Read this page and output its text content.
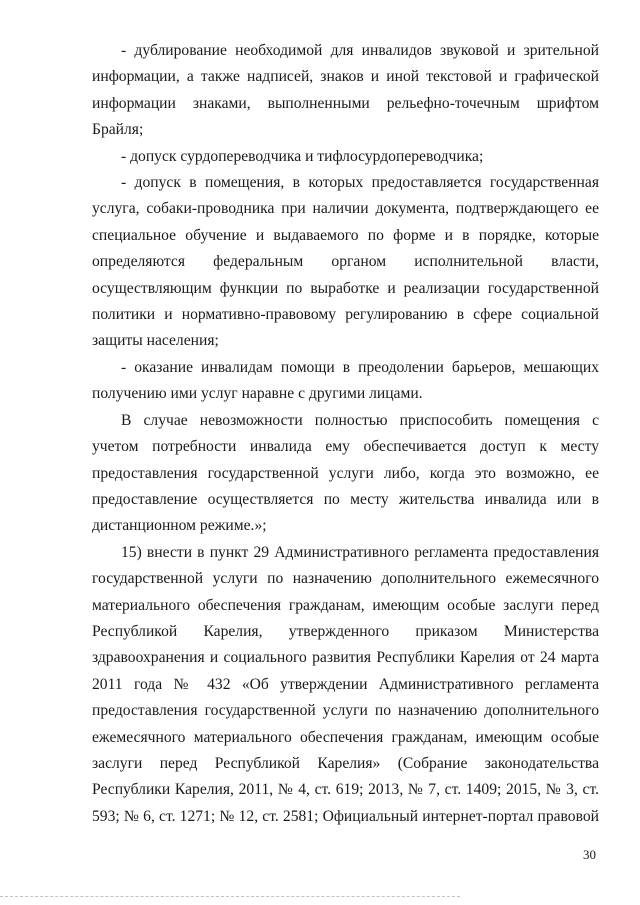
- дублирование необходимой для инвалидов звуковой и зрительной информации, а также надписей, знаков и иной текстовой и графической информации знаками, выполненными рельефно-точечным шрифтом Брайля;

- допуск сурдопереводчика и тифлосурдопереводчика;

- допуск в помещения, в которых предоставляется государственная услуга, собаки-проводника при наличии документа, подтверждающего ее специальное обучение и выдаваемого по форме и в порядке, которые определяются федеральным органом исполнительной власти, осуществляющим функции по выработке и реализации государственной политики и нормативно-правовому регулированию в сфере социальной защиты населения;

- оказание инвалидам помощи в преодолении барьеров, мешающих получению ими услуг наравне с другими лицами.

В случае невозможности полностью приспособить помещения с учетом потребности инвалида ему обеспечивается доступ к месту предоставления государственной услуги либо, когда это возможно, ее предоставление осуществляется по месту жительства инвалида или в дистанционном режиме.»;

15) внести в пункт 29 Административного регламента предоставления государственной услуги по назначению дополнительного ежемесячного материального обеспечения гражданам, имеющим особые заслуги перед Республикой Карелия, утвержденного приказом Министерства здравоохранения и социального развития Республики Карелия от 24 марта 2011 года № 432 «Об утверждении Административного регламента предоставления государственной услуги по назначению дополнительного ежемесячного материального обеспечения гражданам, имеющим особые заслуги перед Республикой Карелия» (Собрание законодательства Республики Карелия, 2011, № 4, ст. 619; 2013, № 7, ст. 1409; 2015, № 3, ст. 593; № 6, ст. 1271; № 12, ст. 2581; Официальный интернет-портал правовой

30
